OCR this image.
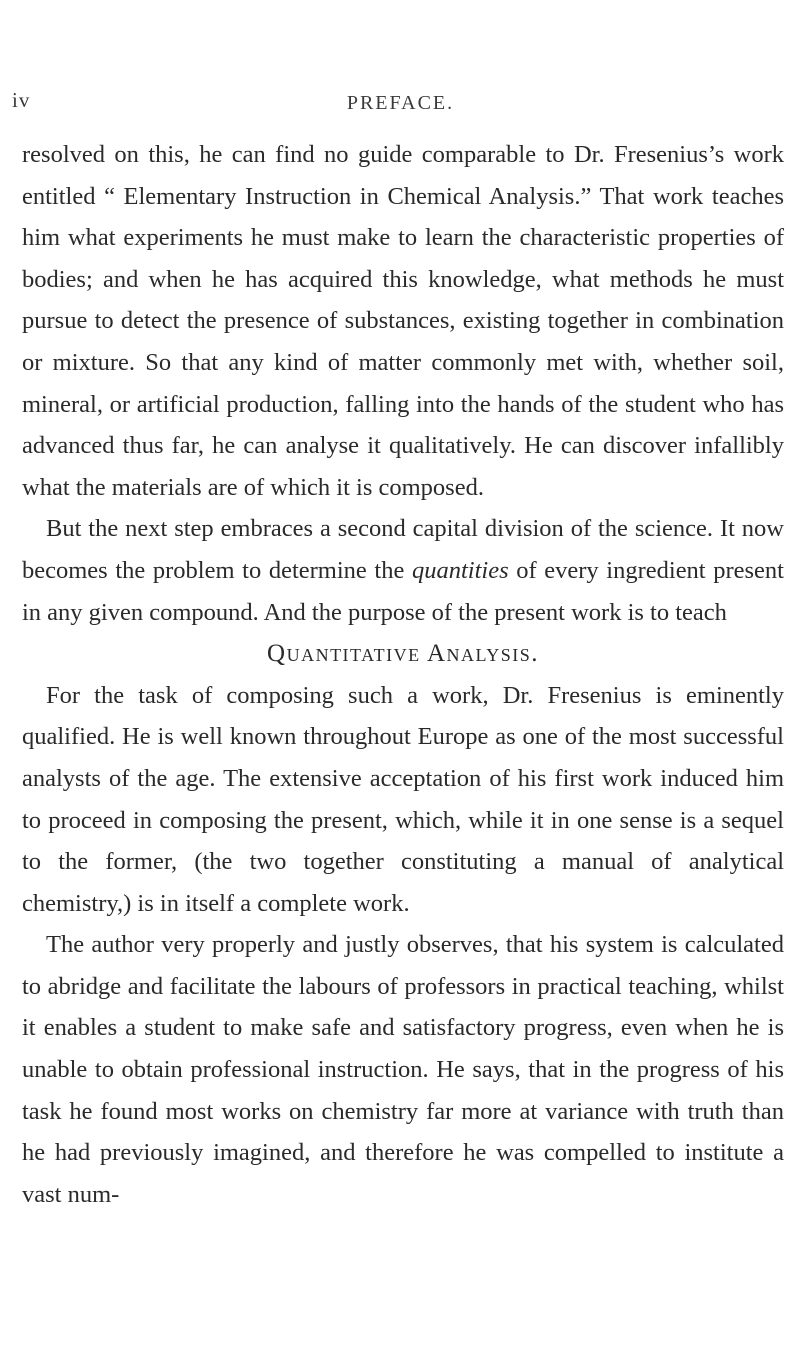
iv	PREFACE.

resolved on this, he can find no guide comparable to Dr. Fresenius’s work entitled “ Elementary Instruction in Chemical Analysis.” That work teaches him what experiments he must make to learn the characteristic properties of bodies; and when he has acquired this knowledge, what methods he must pursue to detect the presence of substances, existing together in combination or mixture. So that any kind of matter commonly met with, whether soil, mineral, or artificial production, falling into the hands of the student who has advanced thus far, he can analyse it qualitatively. He can discover infallibly what the materials are of which it is composed.

But the next step embraces a second capital division of the science. It now becomes the problem to determine the quantities of every ingredient present in any given compound. And the purpose of the present work is to teach

Quantitative Analysis.

For the task of composing such a work, Dr. Fresenius is eminently qualified. He is well known throughout Europe as one of the most successful analysts of the age. The extensive acceptation of his first work induced him to proceed in composing the present, which, while it in one sense is a sequel to the former, (the two together constituting a manual of analytical chemistry,) is in itself a complete work.

The author very properly and justly observes, that his system is calculated to abridge and facilitate the labours of professors in practical teaching, whilst it enables a student to make safe and satisfactory progress, even when he is unable to obtain professional instruction. He says, that in the progress of his task he found most works on chemistry far more at variance with truth than he had previously imagined, and therefore he was compelled to institute a vast num-
